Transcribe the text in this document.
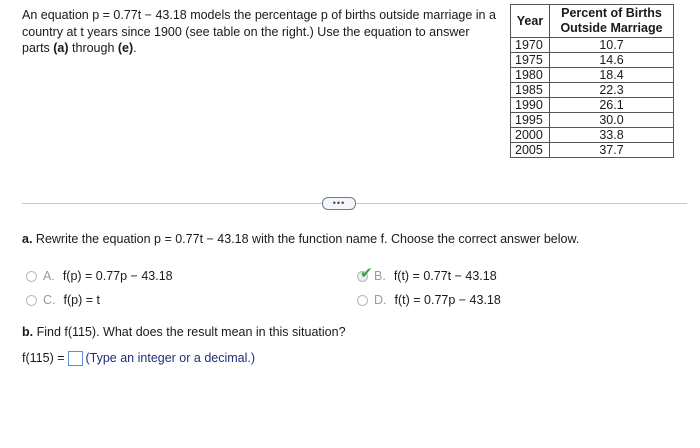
An equation p = 0.77t − 43.18 models the percentage p of births outside marriage in a
country at t years since 1900 (see table on the right.) Use the equation to answer
parts (a) through (e).
Year	Percent of Births Outside Marriage
1970	10.7
1975	14.6
1980	18.4
1985	22.3
1990	26.1
1995	30.0
2000	33.8
2005	37.7
•••
a. Rewrite the equation p = 0.77t − 43.18 with the function name f. Choose the correct answer below.
A. f(p) = 0.77p − 43.18	✔ B. f(t) = 0.77t − 43.18
C. f(p) = t	D. f(t) = 0.77p − 43.18
b. Find f(115). What does the result mean in this situation?
f(115) = (Type an integer or a decimal.)
